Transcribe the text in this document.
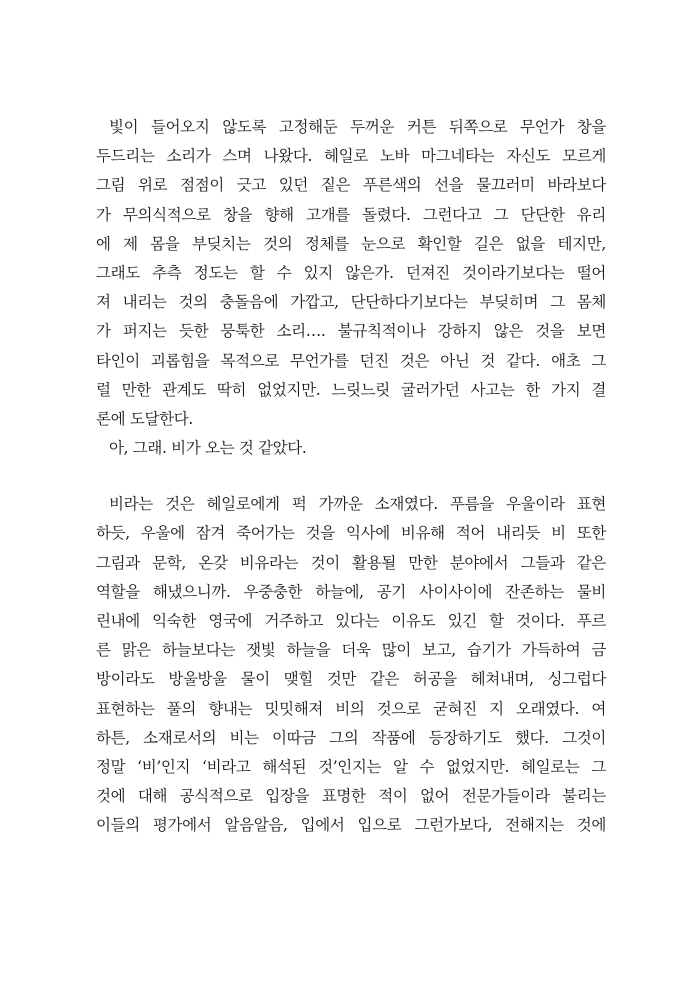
빛이 들어오지 않도록 고정해둔 두꺼운 커튼 뒤쪽으로 무언가 창을
두드리는 소리가 스며 나왔다. 헤일로 노바 마그네타는 자신도 모르게
그림 위로 점점이 긋고 있던 짙은 푸른색의 선을 물끄러미 바라보다
가 무의식적으로 창을 향해 고개를 돌렸다. 그런다고 그 단단한 유리
에 제 몸을 부딪치는 것의 정체를 눈으로 확인할 길은 없을 테지만,
그래도 추측 정도는 할 수 있지 않은가. 던져진 것이라기보다는 떨어
져 내리는 것의 충돌음에 가깝고, 단단하다기보다는 부딪히며 그 몸체
가 퍼지는 듯한 뭉툭한 소리…. 불규칙적이나 강하지 않은 것을 보면
타인이 괴롭힘을 목적으로 무언가를 던진 것은 아닌 것 같다. 애초 그
럴 만한 관계도 딱히 없었지만. 느릿느릿 굴러가던 사고는 한 가지 결
론에 도달한다.
아, 그래. 비가 오는 것 같았다.
비라는 것은 헤일로에게 퍽 가까운 소재였다. 푸름을 우울이라 표현
하듯, 우울에 잠겨 죽어가는 것을 익사에 비유해 적어 내리듯 비 또한
그림과 문학, 온갖 비유라는 것이 활용될 만한 분야에서 그들과 같은
역할을 해냈으니까. 우중충한 하늘에, 공기 사이사이에 잔존하는 물비
린내에 익숙한 영국에 거주하고 있다는 이유도 있긴 할 것이다. 푸르
른 맑은 하늘보다는 잿빛 하늘을 더욱 많이 보고, 습기가 가득하여 금
방이라도 방울방울 물이 맺힐 것만 같은 허공을 헤쳐내며, 싱그럽다
표현하는 풀의 향내는 밋밋해져 비의 것으로 굳혀진 지 오래였다. 여
하튼, 소재로서의 비는 이따금 그의 작품에 등장하기도 했다. 그것이
정말 ‘비’인지 ‘비라고 해석된 것’인지는 알 수 없었지만. 헤일로는 그
것에 대해 공식적으로 입장을 표명한 적이 없어 전문가들이라 불리는
이들의 평가에서 알음알음, 입에서 입으로 그런가보다, 전해지는 것에
